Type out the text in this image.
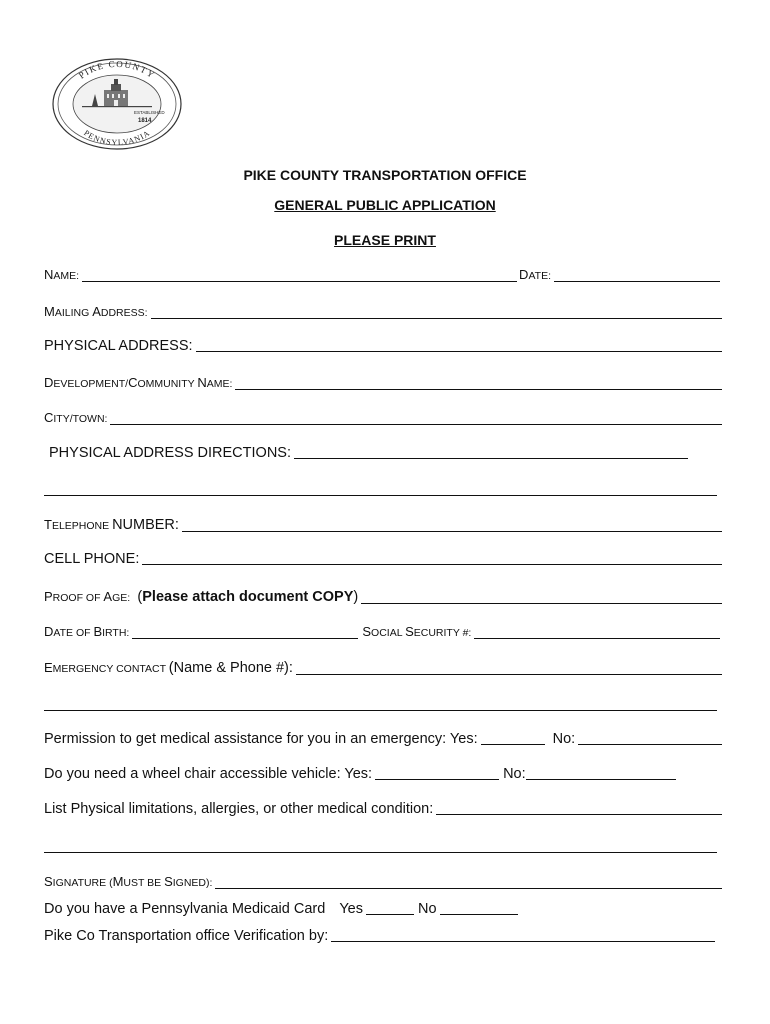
PIKE COUNTY
PENNSYLVANIA
ESTABLISHED
1814
PIKE COUNTY TRANSPORTATION OFFICE
GENERAL PUBLIC APPLICATION
PLEASE PRINT
NAME:	DATE:
MAILING ADDRESS:
PHYSICAL ADDRESS:
DEVELOPMENT/COMMUNITY NAME:
CITY/TOWN:
PHYSICAL ADDRESS DIRECTIONS:
TELEPHONE NUMBER:
CELL PHONE:
PROOF OF AGE: (Please attach document COPY)
DATE OF BIRTH:	SOCIAL SECURITY #:
EMERGENCY CONTACT (Name & Phone #):
Permission to get medical assistance for you in an emergency: Yes:	No:
Do you need a wheel chair accessible vehicle: Yes:	No:
List Physical limitations, allergies, or other medical condition:
SIGNATURE (MUST BE SIGNED):
Do you have a Pennsylvania Medicaid Card Yes	No
Pike Co Transportation office Verification by:
